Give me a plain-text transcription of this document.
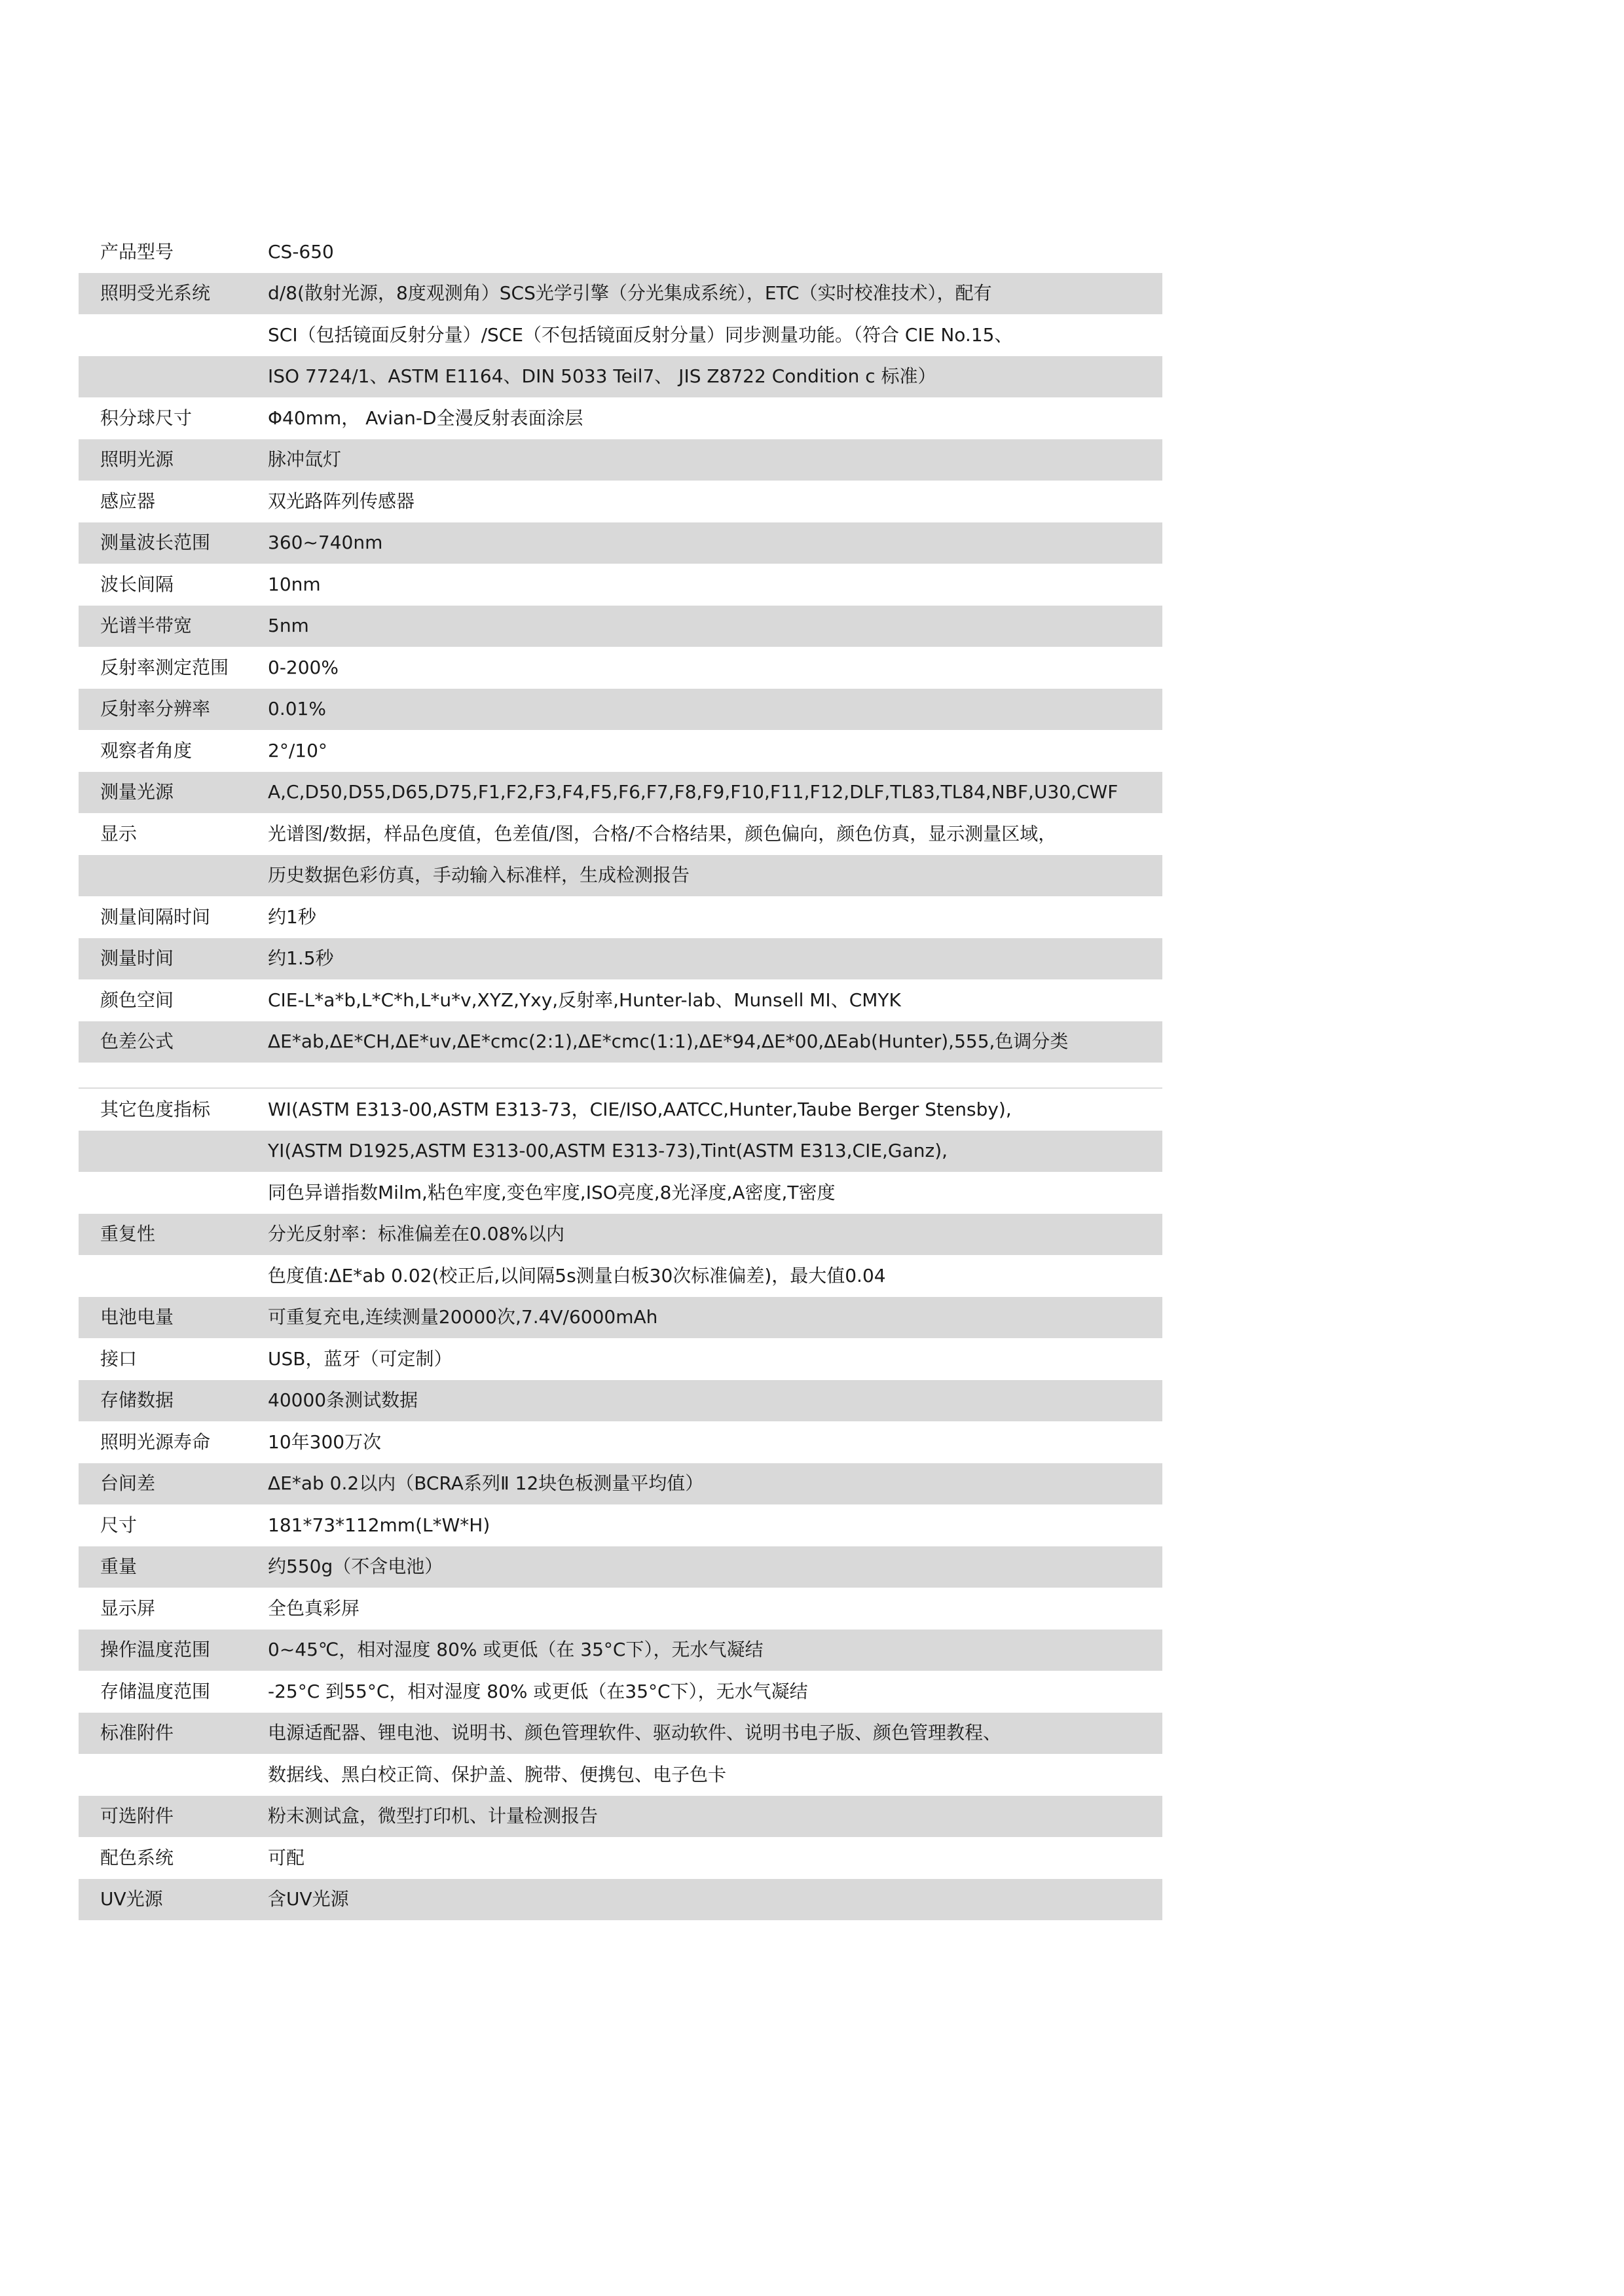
产品型号	CS-650
照明受光系统	d/8(散射光源，8度观测角）SCS光学引擎（分光集成系统），ETC（实时校准技术），配有
SCI（包括镜面反射分量）/SCE（不包括镜面反射分量）同步测量功能。（符合 CIE No.15、
ISO 7724/1、ASTM E1164、DIN 5033 Teil7、 JIS Z8722 Condition c 标准）
积分球尺寸	Φ40mm， Avian-D全漫反射表面涂层
照明光源	脉冲氙灯
感应器	双光路阵列传感器
测量波长范围	360~740nm
波长间隔	10nm
光谱半带宽	5nm
反射率测定范围	0-200%
反射率分辨率	0.01%
观察者角度	2°/10°
测量光源	A,C,D50,D55,D65,D75,F1,F2,F3,F4,F5,F6,F7,F8,F9,F10,F11,F12,DLF,TL83,TL84,NBF,U30,CWF
显示	光谱图/数据，样品色度值，色差值/图，合格/不合格结果，颜色偏向，颜色仿真，显示测量区域，
历史数据色彩仿真，手动输入标准样，生成检测报告
测量间隔时间	约1秒
测量时间	约1.5秒
颜色空间	CIE-L*a*b,L*C*h,L*u*v,XYZ,Yxy,反射率,Hunter-lab、Munsell MI、CMYK
色差公式	ΔE*ab,ΔE*CH,ΔE*uv,ΔE*cmc(2:1),ΔE*cmc(1:1),ΔE*94,ΔE*00,ΔEab(Hunter),555,色调分类
其它色度指标	WI(ASTM E313-00,ASTM E313-73，CIE/ISO,AATCC,Hunter,Taube Berger Stensby),
YI(ASTM D1925,ASTM E313-00,ASTM E313-73),Tint(ASTM E313,CIE,Ganz),
同色异谱指数Milm,粘色牢度,变色牢度,ISO亮度,8光泽度,A密度,T密度
重复性	分光反射率：标准偏差在0.08%以内
色度值:ΔE*ab 0.02(校正后,以间隔5s测量白板30次标准偏差)，最大值0.04
电池电量	可重复充电,连续测量20000次,7.4V/6000mAh
接口	USB，蓝牙（可定制）
存储数据	40000条测试数据
照明光源寿命	10年300万次
台间差	ΔE*ab 0.2以内（BCRA系列Ⅱ 12块色板测量平均值）
尺寸	181*73*112mm(L*W*H)
重量	约550g（不含电池）
显示屏	全色真彩屏
操作温度范围	0~45℃，相对湿度 80% 或更低（在 35°C下），无水气凝结
存储温度范围	-25°C 到55°C，相对湿度 80% 或更低（在35°C下），无水气凝结
标准附件	电源适配器、锂电池、说明书、颜色管理软件、驱动软件、说明书电子版、颜色管理教程、
数据线、黑白校正筒、保护盖、腕带、便携包、电子色卡
可选附件	粉末测试盒，微型打印机、计量检测报告
配色系统	可配
UV光源	含UV光源
